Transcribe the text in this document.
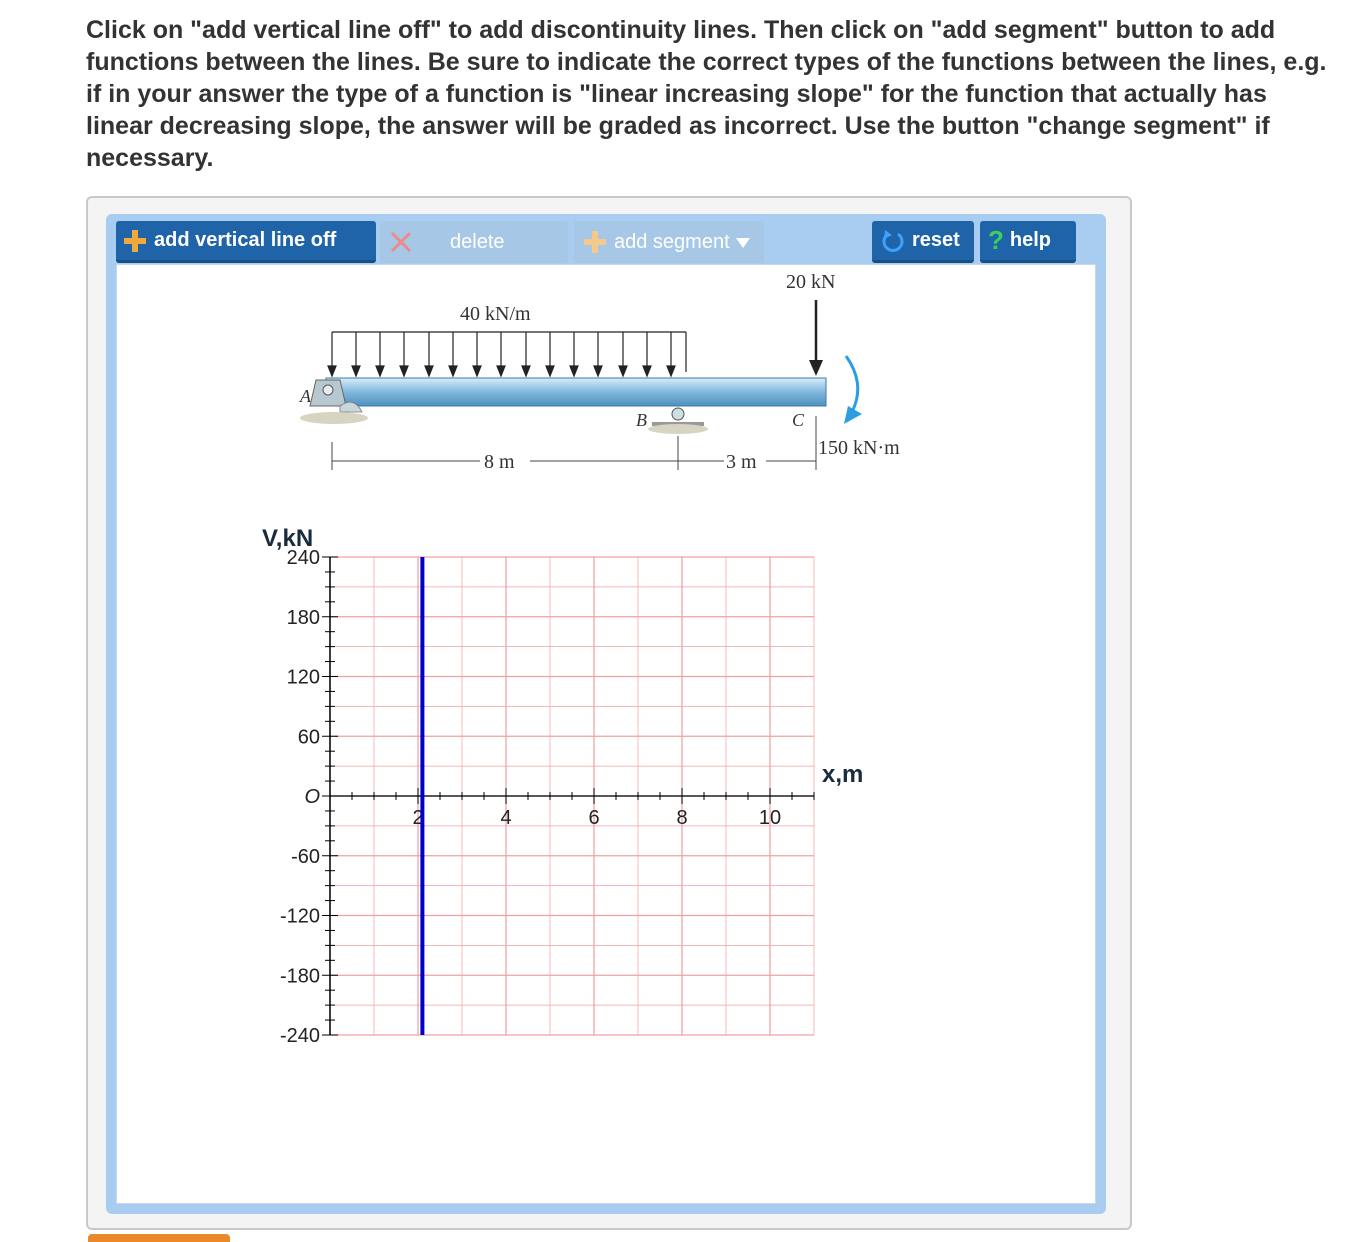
Click on "add vertical line off" to add discontinuity lines. Then click on "add segment" button to add functions between the lines. Be sure to indicate the correct types of the functions between the lines, e.g. if in your answer the type of a function is "linear increasing slope" for the function that actually has linear decreasing slope, the answer will be graded as incorrect. Use the button "change segment" if necessary.

add vertical line off	delete	add segment	reset ? help
40 kN/m
A
B	C
20 kN
150 kN·m
8 m	3 m
240
180
120
60
O
-60
-120
-180
-240
2	4	6	8	10
V,kN
x,m
